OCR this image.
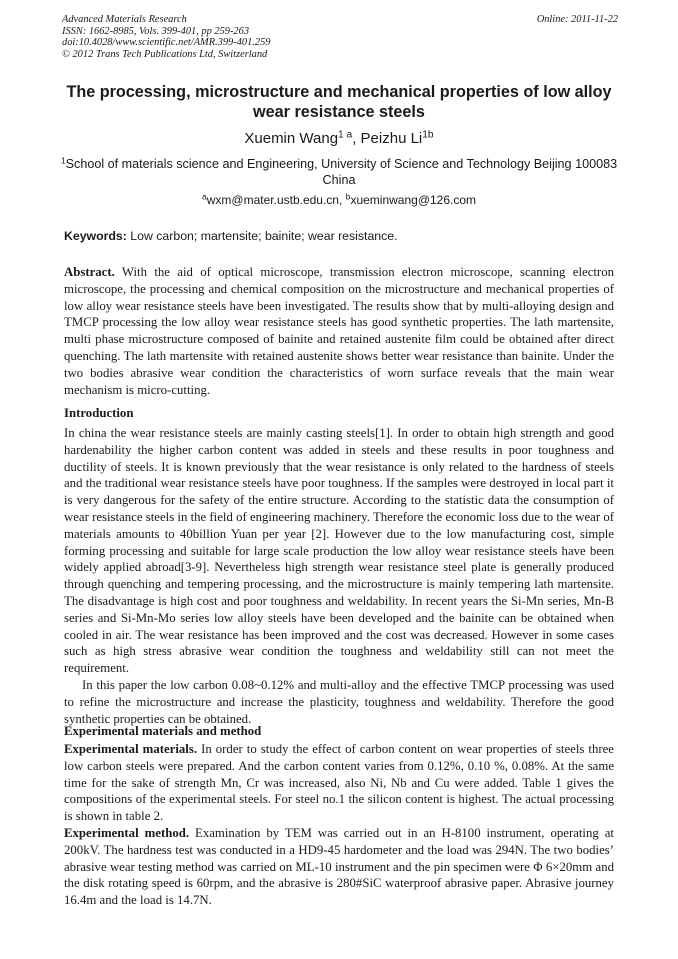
Advanced Materials Research
ISSN: 1662-8985, Vols. 399-401, pp 259-263
doi:10.4028/www.scientific.net/AMR.399-401.259
© 2012 Trans Tech Publications Ltd, Switzerland
Online: 2011-11-22
The processing, microstructure and mechanical properties of low alloy wear resistance steels
Xuemin Wang$^{1 a}$, Peizhu $Li^{1b}$
$^1$School of materials science and Engineering, University of Science and Technology Beijing 100083 China
$^a$wxm@mater.ustb.edu.cn, $^b$xueminwang@126.com
Keywords: Low carbon; martensite; bainite; wear resistance.

Abstract. With the aid of optical microscope, transmission electron microscope, scanning electron microscope, the processing and chemical composition on the microstructure and mechanical properties of low alloy wear resistance steels have been investigated. The results show that by multi-alloying design and TMCP processing the low alloy wear resistance steels has good synthetic properties. The lath martensite, multi phase microstructure composed of bainite and retained austenite film could be obtained after direct quenching. The lath martensite with retained austenite shows better wear resistance than bainite. Under the two bodies abrasive wear condition the characteristics of worn surface reveals that the main wear mechanism is micro-cutting.

Introduction

In china the wear resistance steels are mainly casting steels[1]. In order to obtain high strength and good hardenability the higher carbon content was added in steels and these results in poor toughness and ductility of steels. It is known previously that the wear resistance is only related to the hardness of steels and the traditional wear resistance steels have poor toughness. If the samples were destroyed in local part it is very dangerous for the safety of the entire structure. According to the statistic data the consumption of wear resistance steels in the field of engineering machinery. Therefore the economic loss due to the wear of materials amounts to 40billion Yuan per year [2]. However due to the low manufacturing cost, simple forming processing and suitable for large scale production the low alloy wear resistance steels have been widely applied abroad[3-9]. Nevertheless high strength wear resistance steel plate is generally produced through quenching and tempering processing, and the microstructure is mainly tempering lath martensite. The disadvantage is high cost and poor toughness and weldability. In recent years the Si-Mn series, Mn-B series and Si-Mn-Mo series low alloy steels have been developed and the bainite can be obtained when cooled in air. The wear resistance has been improved and the cost was decreased. However in some cases such as high stress abrasive wear condition the toughness and weldability still can not meet the requirement.

In this paper the low carbon 0.08~0.12% and multi-alloy and the effective TMCP processing was used to refine the microstructure and increase the plasticity, toughness and weldability. Therefore the good synthetic properties can be obtained.

Experimental materials and method

Experimental materials. In order to study the effect of carbon content on wear properties of steels three low carbon steels were prepared. And the carbon content varies from 0.12%, 0.10 %, 0.08%. At the same time for the sake of strength Mn, Cr was increased, also Ni, Nb and Cu were added. Table 1 gives the compositions of the experimental steels. For steel no.1 the silicon content is highest. The actual processing is shown in table 2.

Experimental method. Examination by TEM was carried out in an H-8100 instrument, operating at 200kV. The hardness test was conducted in a HD9-45 hardometer and the load was 294N. The two bodies’ abrasive wear testing method was carried on ML-10 instrument and the pin specimen were Φ 6×20mm and the disk rotating speed is 60rpm, and the abrasive is 280#SiC waterproof abrasive paper. Abrasive journey 16.4m and the load is 14.7N.
